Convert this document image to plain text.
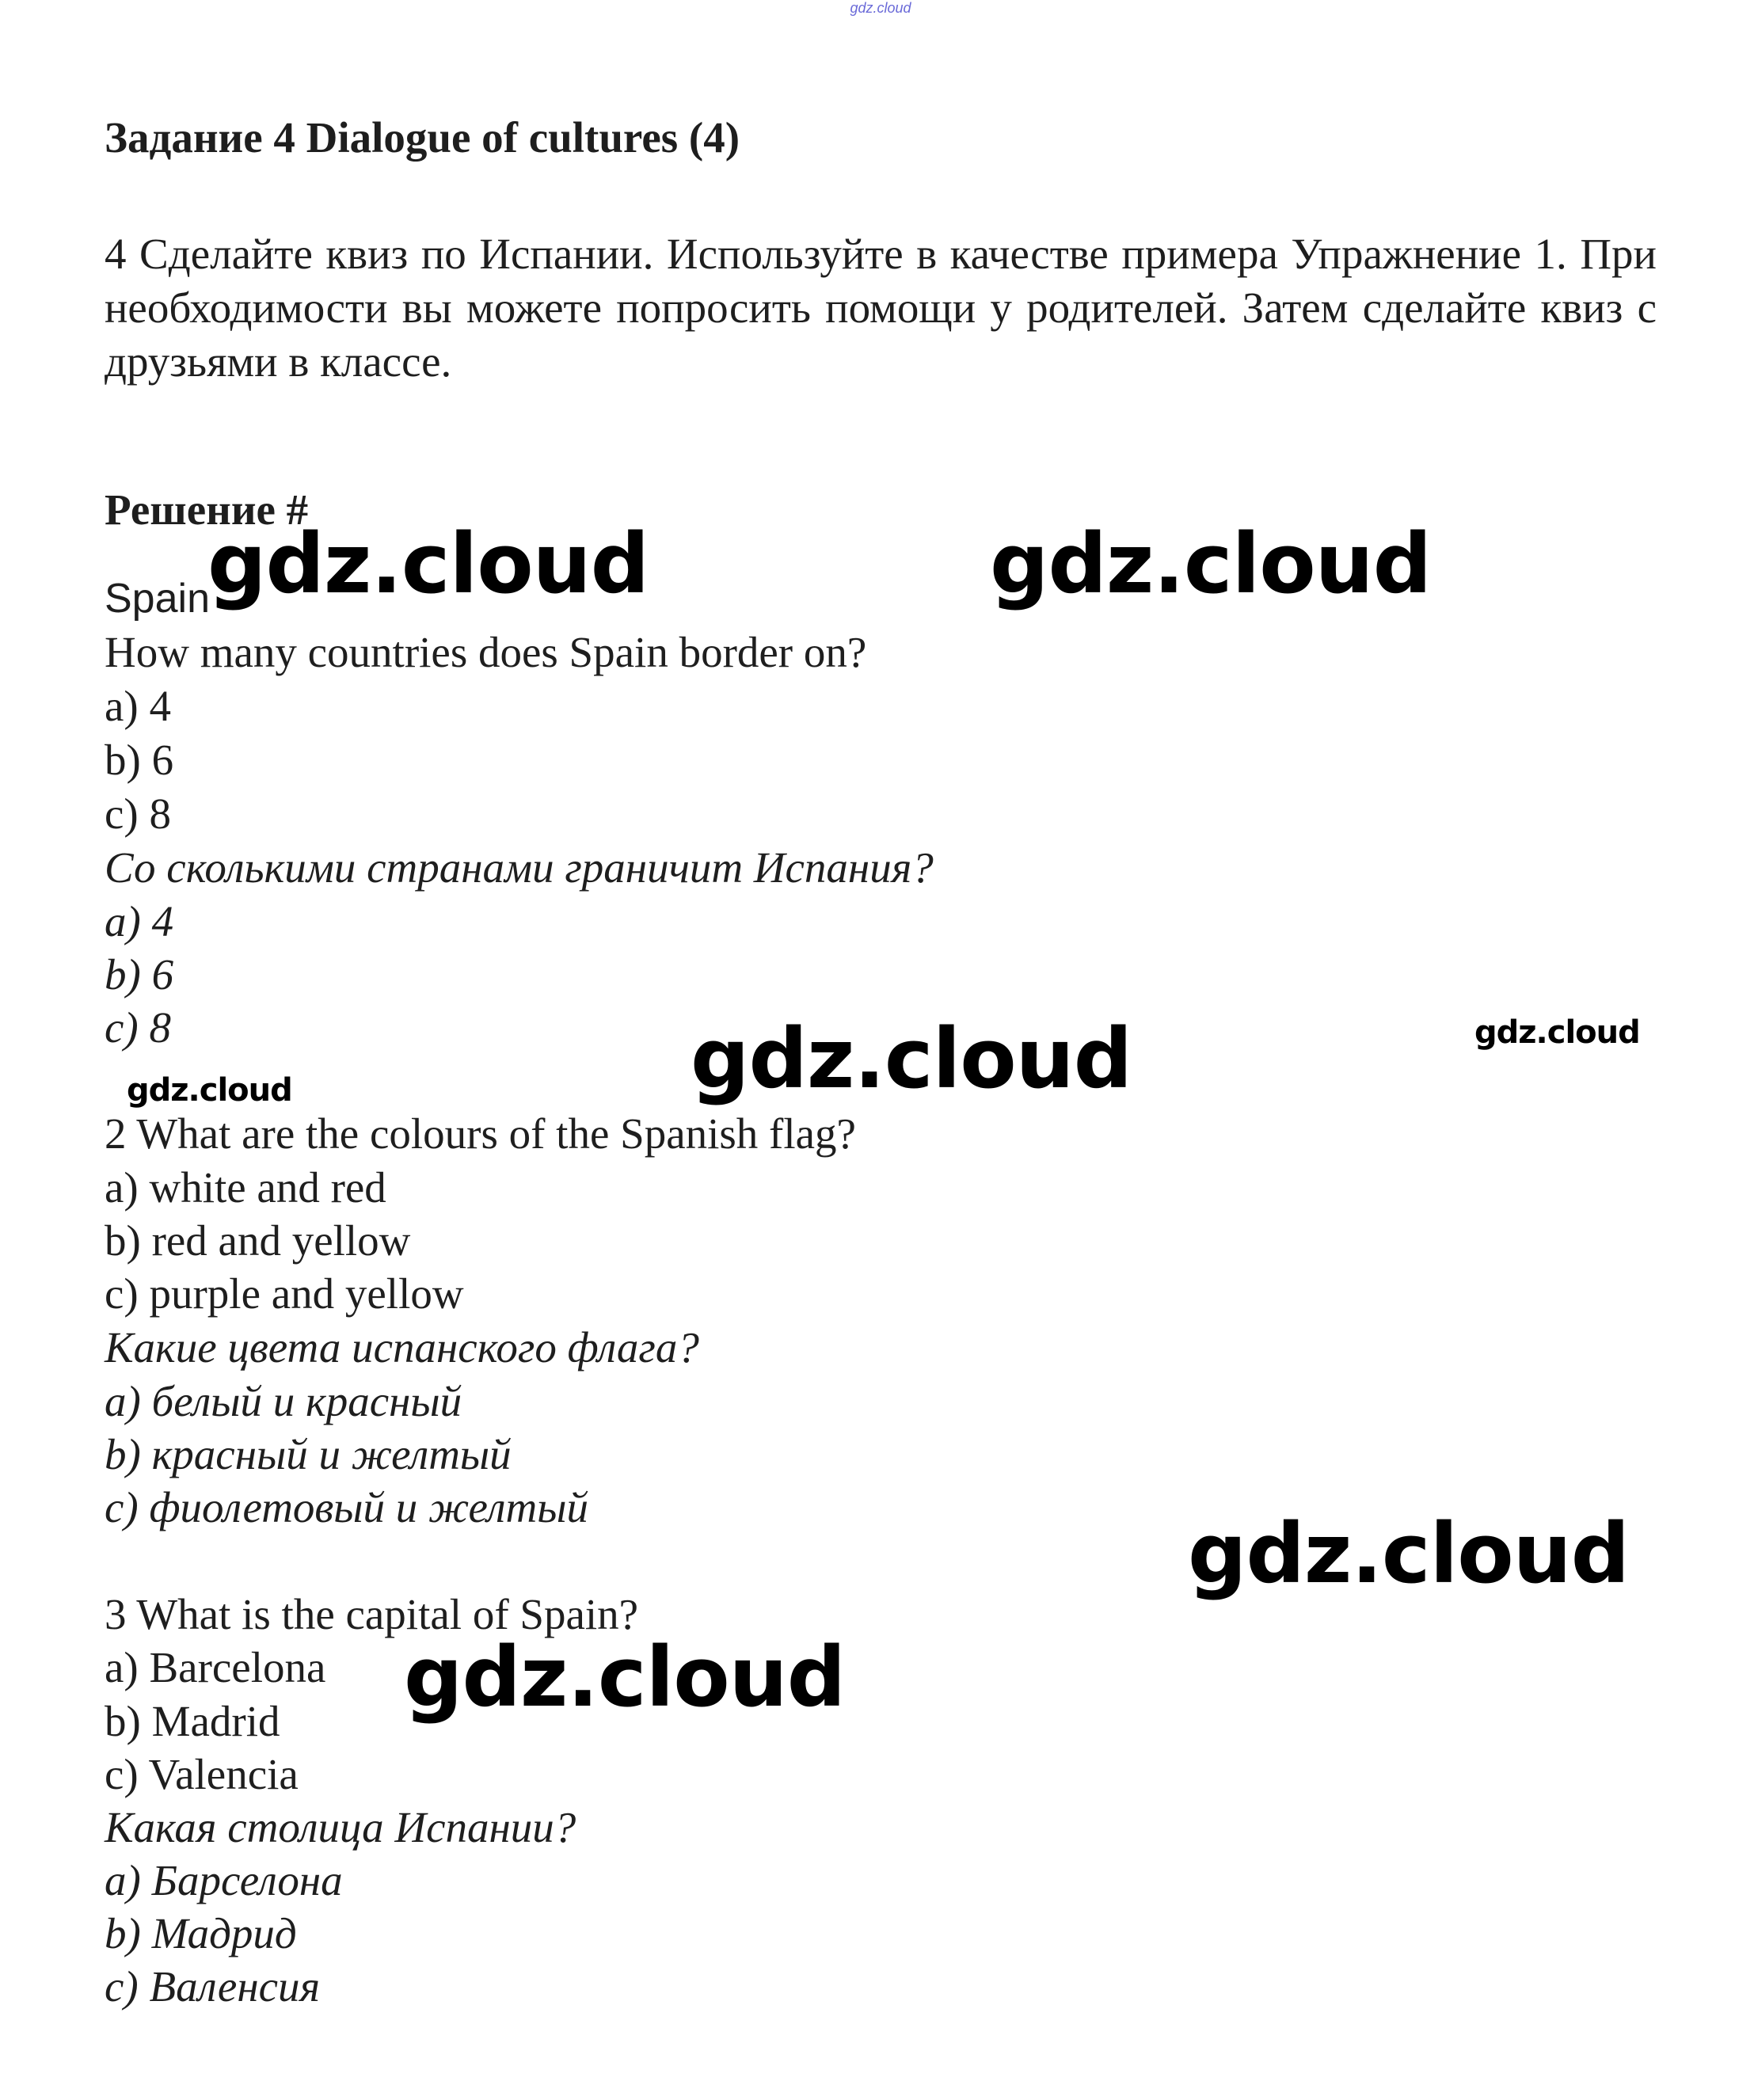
gdz.cloud
Задание 4 Dialogue of cultures (4)
4 Сделайте квиз по Испании. Используйте в качестве примера Упражнение 1. При необходимости вы можете попросить помощи у родителей. Затем сделайте квиз с друзьями в классе.
Решение #
Spain
How many countries does Spain border on?
a) 4
b) 6
c) 8
Со сколькими странами граничит Испания?
a) 4
b) 6
c) 8
2 What are the colours of the Spanish flag?
a) white and red
b) red and yellow
c) purple and yellow
Какие цвета испанского флага?
a) белый и красный
b) красный и желтый
c) фиолетовый и желтый
3 What is the capital of Spain?
a) Barcelona
b) Madrid
c) Valencia
Какая столица Испании?
a) Барселона
b) Мадрид
c) Валенсия
gdz.cloud	gdz.cloud
gdz.cloud	gdz.cloud
gdz.cloud
gdz.cloud
gdz.cloud
